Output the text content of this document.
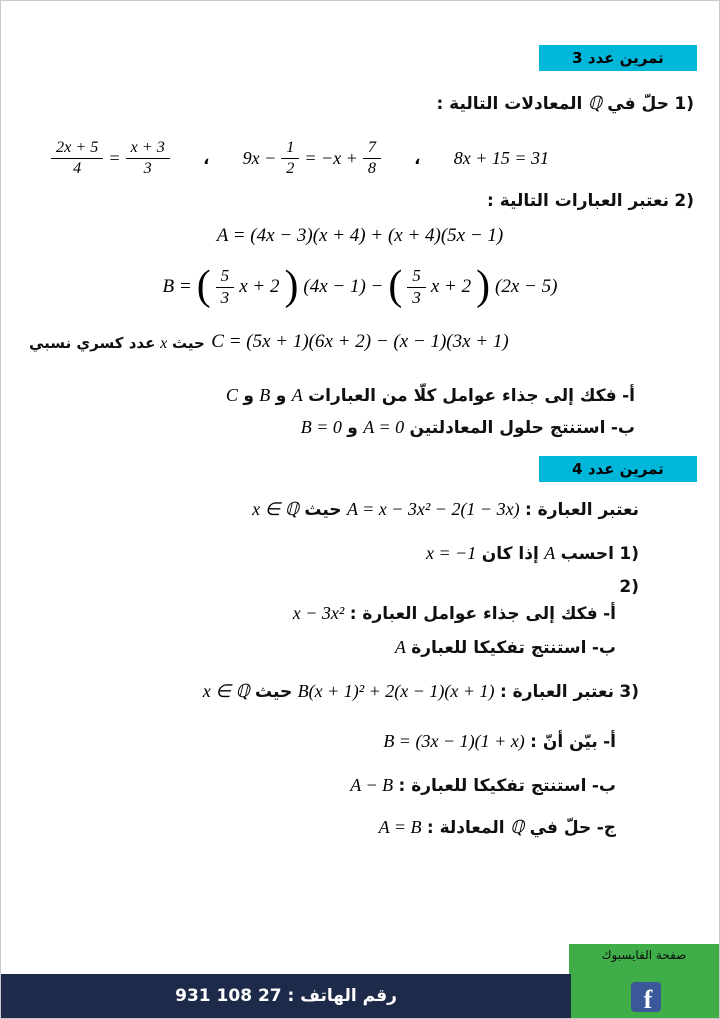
تمرين عدد 3
1) حلّ في ℚ المعادلات التالية :
8x + 15 = 31
،
$9x - \frac{1}{2} = -x + \frac{7}{8}$
،
$\frac{2x + 5}{4} = \frac{x + 3}{3}$
2) نعتبر العبارات التالية :
A = (4x − 3)(x + 4) + (x + 4)(5x − 1)
B = ( $\frac{5}{3}$ x + 2 ) (4x − 1) − ( $\frac{5}{3}$ x + 2 ) (2x − 5)
C = (5x + 1)(6x + 2) − (x − 1)(3x + 1)
حيث x عدد كسري نسبي
أ- فكك إلى جذاء عوامل كلّا من العبارات A و B و C
ب- استنتج حلول المعادلتين A = 0 و B = 0
تمرين عدد 4
نعتبر العبارة : A = x − 3x² − 2(1 − 3x) حيث x ∈ ℚ
1) احسب A إذا كان x = −1
2)
أ- فكك إلى جذاء عوامل العبارة : x − 3x²
ب- استنتج تفكيكا للعبارة A
3) نعتبر العبارة : B(x + 1)² + 2(x − 1)(x + 1) حيث x ∈ ℚ
أ- بيّن أنّ : B = (3x − 1)(1 + x)
ب- استنتج تفكيكا للعبارة : A − B
ج- حلّ في ℚ المعادلة : A = B
صفحة الفايسبوك
f
رقم الهاتف : 27 108 931
